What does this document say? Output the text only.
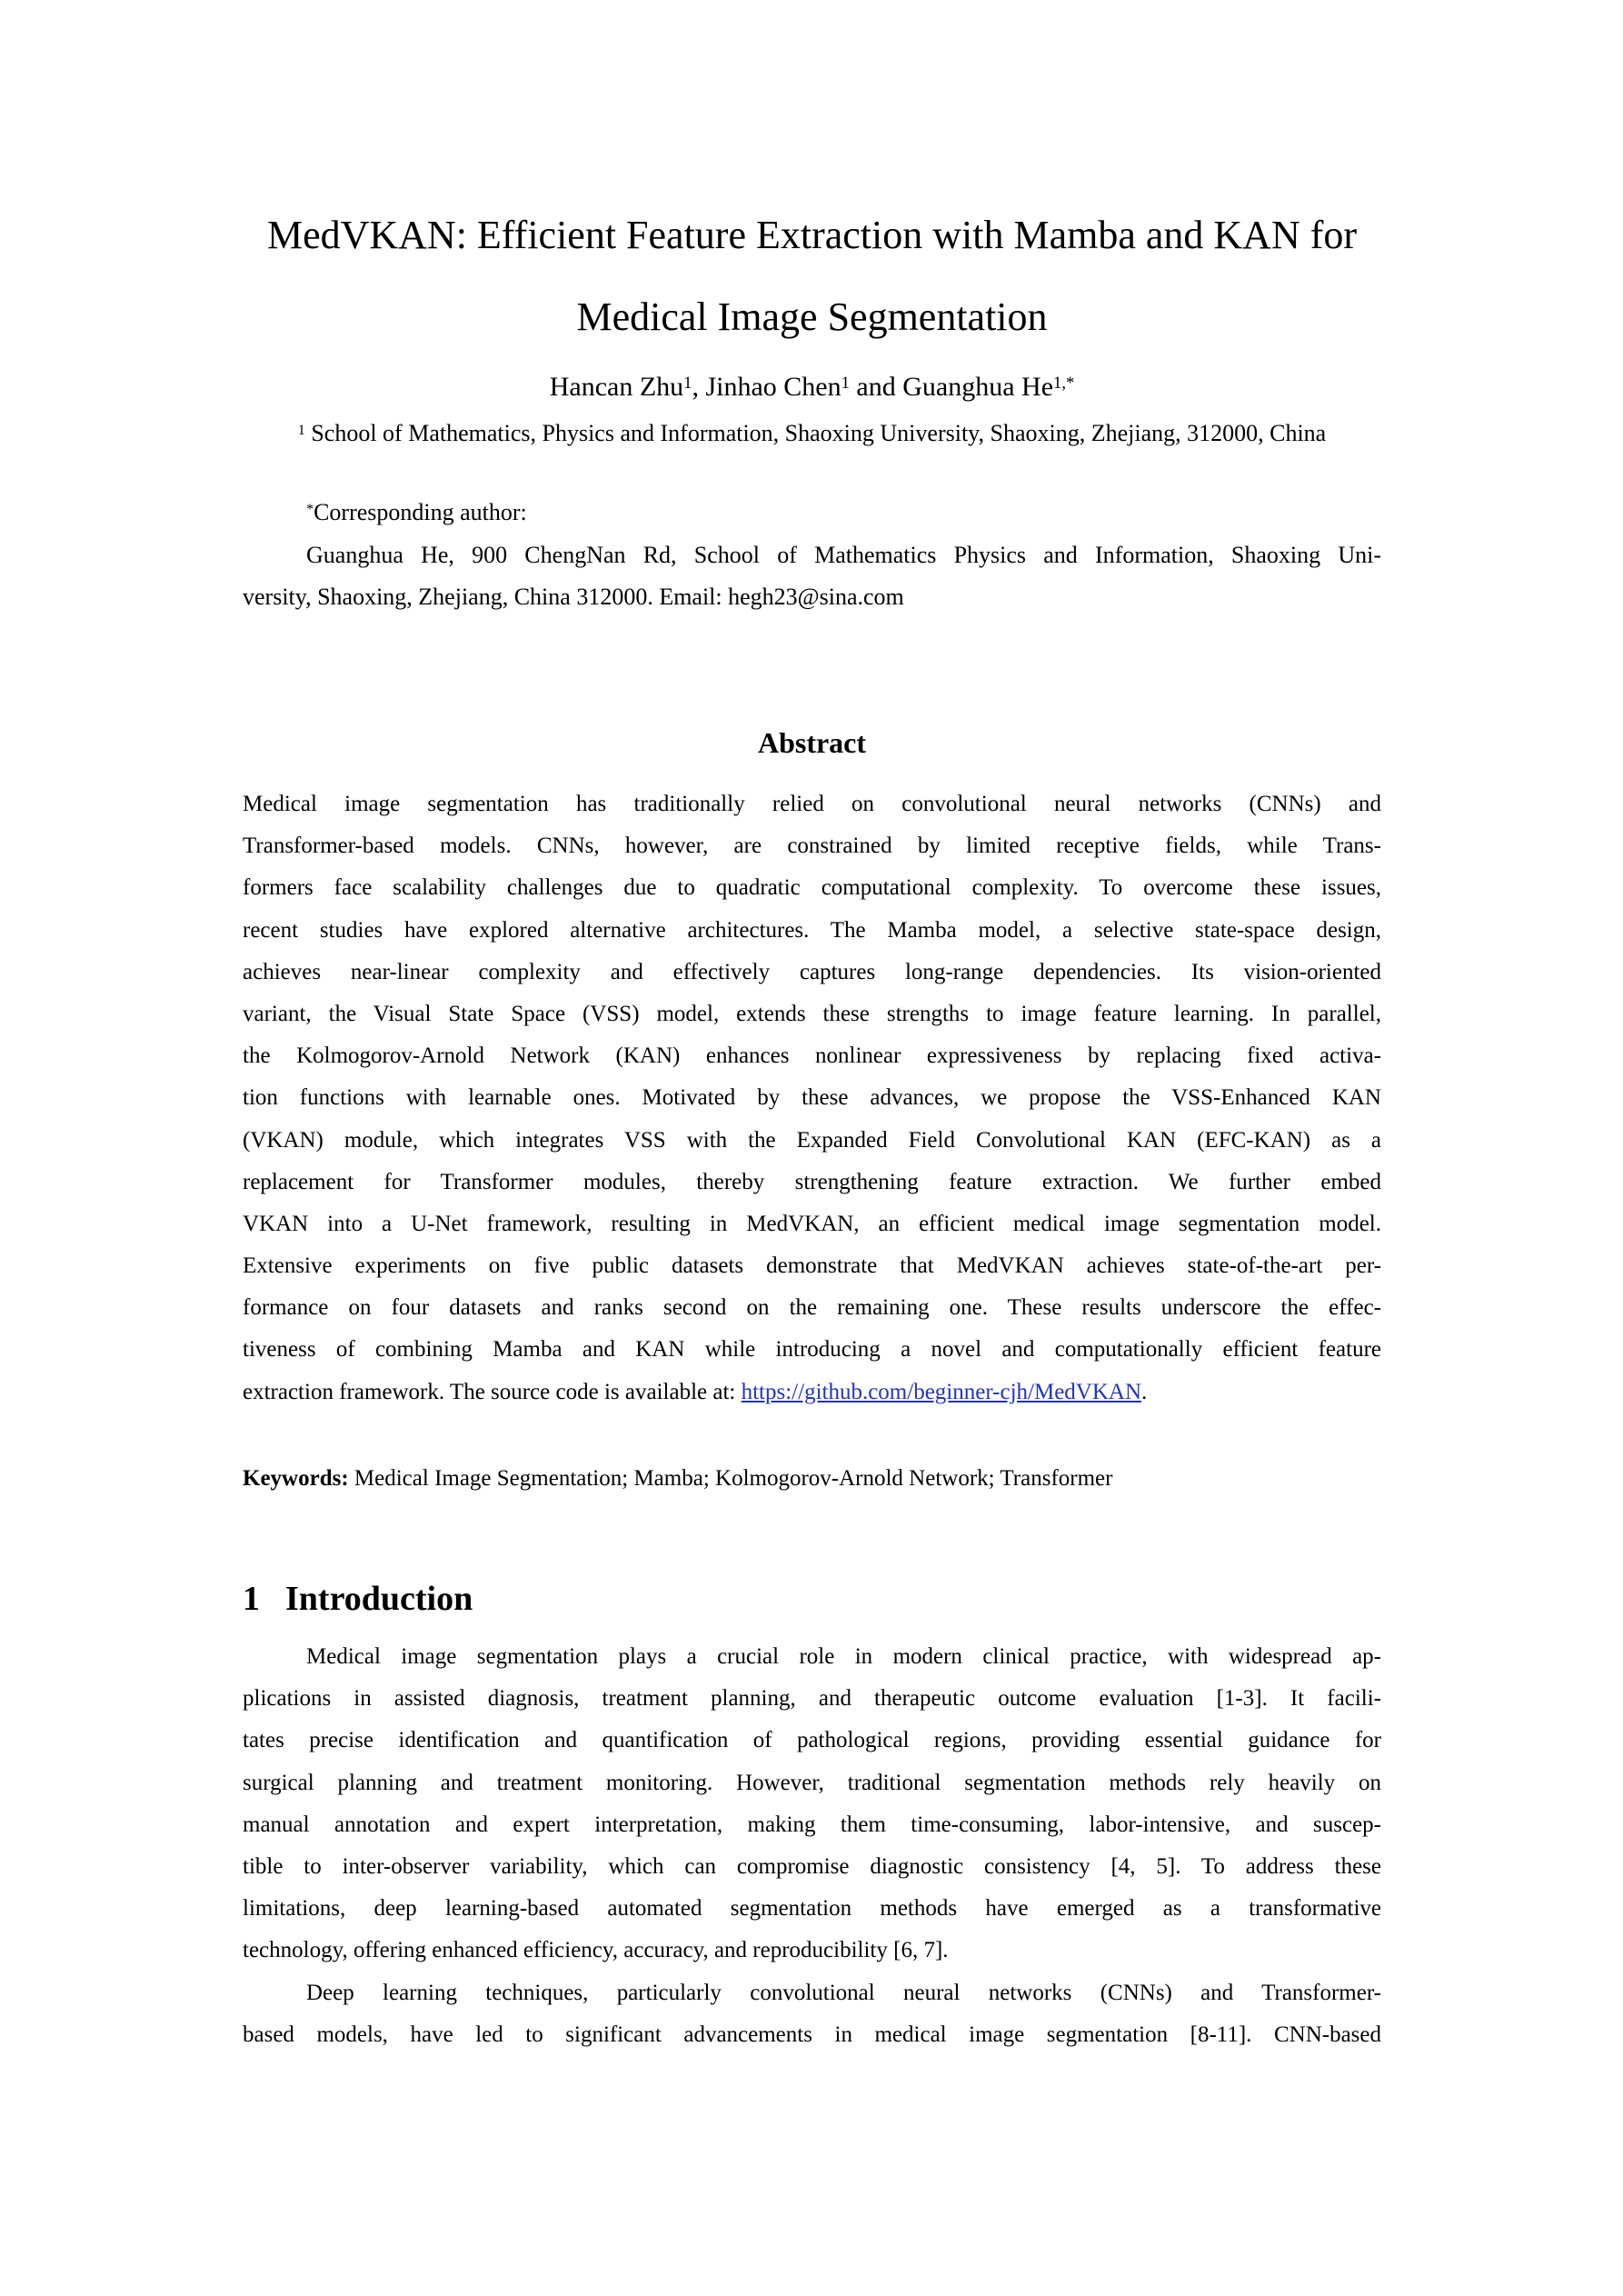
MedVKAN: Efficient Feature Extraction with Mamba and KAN for
Medical Image Segmentation
Hancan Zhu$^1$, Jinhao Chen$^1$ and Guanghua $He^{1,*}$
$^1$ School of Mathematics, Physics and Information, Shaoxing University, Shaoxing, Zhejiang, 312000, China
*Corresponding author:
Guanghua He, 900 ChengNan Rd, School of Mathematics Physics and Information, Shaoxing Uni-
versity, Shaoxing, Zhejiang, China 312000. Email: hegh23@sina.com
Abstract
Medical image segmentation has traditionally relied on convolutional neural networks (CNNs) and
Transformer-based models. CNNs, however, are constrained by limited receptive fields, while Trans-
formers face scalability challenges due to quadratic computational complexity. To overcome these issues,
recent studies have explored alternative architectures. The Mamba model, a selective state-space design,
achieves near-linear complexity and effectively captures long-range dependencies. Its vision-oriented
variant, the Visual State Space (VSS) model, extends these strengths to image feature learning. In parallel,
the Kolmogorov-Arnold Network (KAN) enhances nonlinear expressiveness by replacing fixed activa-
tion functions with learnable ones. Motivated by these advances, we propose the VSS-Enhanced KAN
(VKAN) module, which integrates VSS with the Expanded Field Convolutional KAN (EFC-KAN) as a
replacement for Transformer modules, thereby strengthening feature extraction. We further embed
VKAN into a U-Net framework, resulting in MedVKAN, an efficient medical image segmentation model.
Extensive experiments on five public datasets demonstrate that MedVKAN achieves state-of-the-art per-
formance on four datasets and ranks second on the remaining one. These results underscore the effec-
tiveness of combining Mamba and KAN while introducing a novel and computationally efficient feature
extraction framework. The source code is available at: https://github.com/beginner-cjh/MedVKAN.
Keywords: Medical Image Segmentation; Mamba; Kolmogorov-Arnold Network; Transformer
1 Introduction
Medical image segmentation plays a crucial role in modern clinical practice, with widespread ap-
plications in assisted diagnosis, treatment planning, and therapeutic outcome evaluation [1-3]. It facili-
tates precise identification and quantification of pathological regions, providing essential guidance for
surgical planning and treatment monitoring. However, traditional segmentation methods rely heavily on
manual annotation and expert interpretation, making them time-consuming, labor-intensive, and suscep-
tible to inter-observer variability, which can compromise diagnostic consistency [4, 5]. To address these
limitations, deep learning-based automated segmentation methods have emerged as a transformative
technology, offering enhanced efficiency, accuracy, and reproducibility [6, 7].
Deep learning techniques, particularly convolutional neural networks (CNNs) and Transformer-
based models, have led to significant advancements in medical image segmentation [8-11]. CNN-based
